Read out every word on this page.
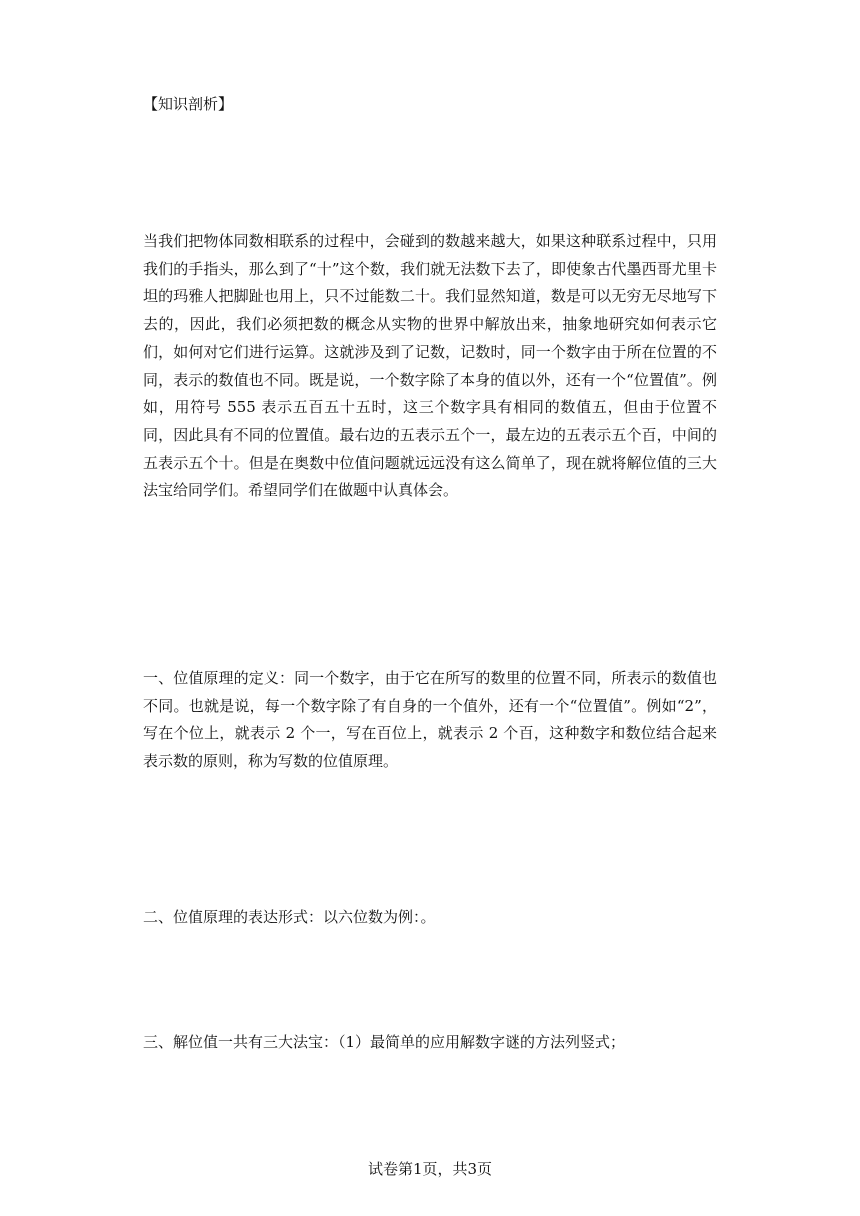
【知识剖析】

当我们把物体同数相联系的过程中，会碰到的数越来越大，如果这种联系过程中，只用我们的手指头，那么到了“十”这个数，我们就无法数下去了，即使象古代墨西哥尤里卡坦的玛雅人把脚趾也用上，只不过能数二十。我们显然知道，数是可以无穷无尽地写下去的，因此，我们必须把数的概念从实物的世界中解放出来，抽象地研究如何表示它们，如何对它们进行运算。这就涉及到了记数，记数时，同一个数字由于所在位置的不同，表示的数值也不同。既是说，一个数字除了本身的值以外，还有一个“位置值”。例如，用符号 555 表示五百五十五时，这三个数字具有相同的数值五，但由于位置不同，因此具有不同的位置值。最右边的五表示五个一，最左边的五表示五个百，中间的五表示五个十。但是在奥数中位值问题就远远没有这么简单了，现在就将解位值的三大法宝给同学们。希望同学们在做题中认真体会。

一、位值原理的定义：同一个数字，由于它在所写的数里的位置不同，所表示的数值也不同。也就是说，每一个数字除了有自身的一个值外，还有一个“位置值”。例如“2”，写在个位上，就表示 2 个一，写在百位上，就表示 2 个百，这种数字和数位结合起来表示数的原则，称为写数的位值原理。

二、位值原理的表达形式：以六位数为例：。

三、解位值一共有三大法宝：（1）最简单的应用解数字谜的方法列竖式；

试卷第1页，共3页
